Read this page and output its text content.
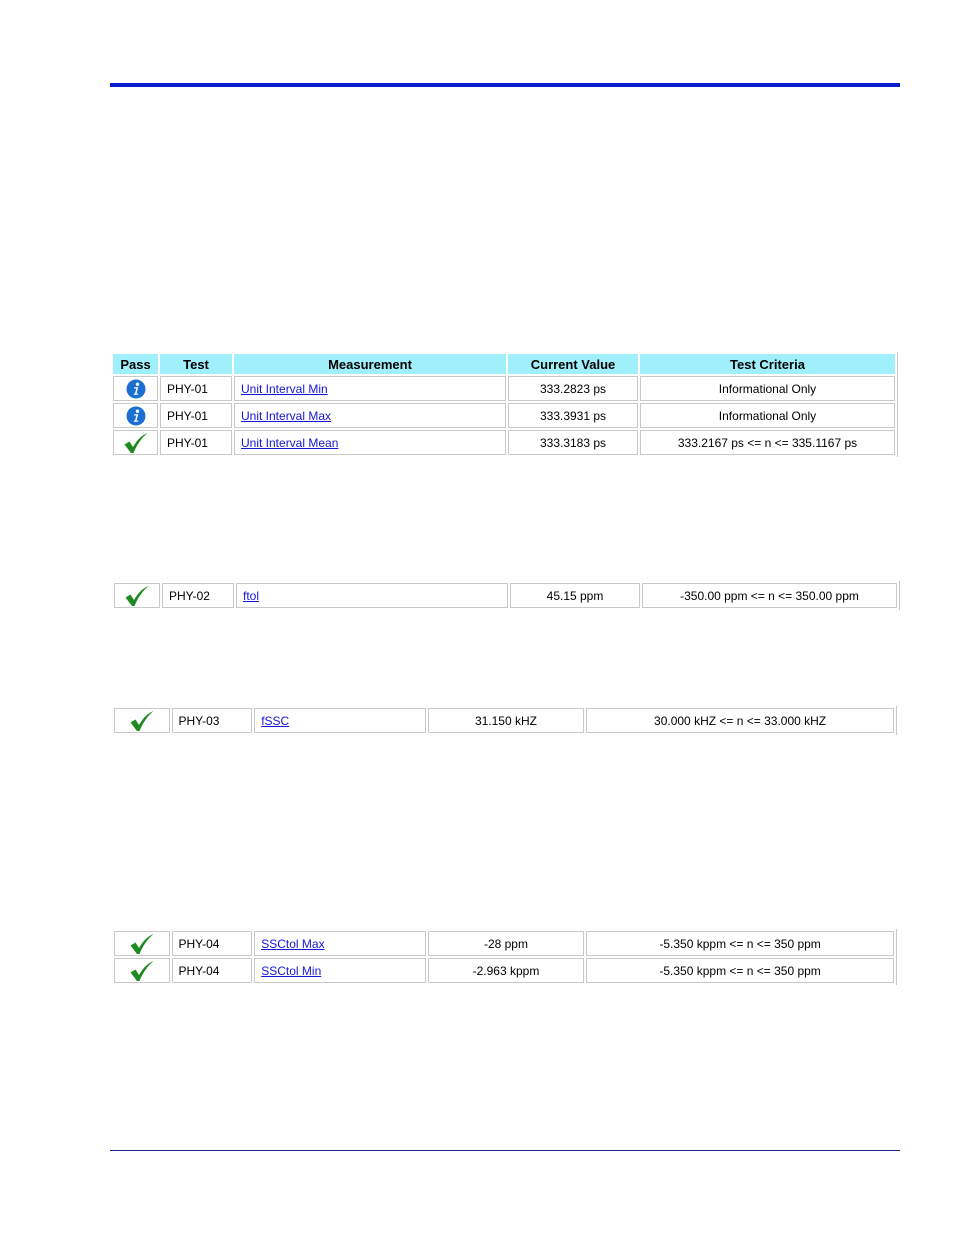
Pass	Test	Measurement	Current Value	Test Criteria
	PHY-01	Unit Interval Min	333.2823 ps	Informational Only
	PHY-01	Unit Interval Max	333.3931 ps	Informational Only
	PHY-01	Unit Interval Mean	333.3183 ps	333.2167 ps <= n <= 335.1167 ps
	PHY-02	ftol	45.15 ppm	-350.00 ppm <= n <= 350.00 ppm
	PHY-03	fSSC	31.150 kHZ	30.000 kHZ <= n <= 33.000 kHZ
	PHY-04	SSCtol Max	-28 ppm	-5.350 kppm <= n <= 350 ppm
	PHY-04	SSCtol Min	-2.963 kppm	-5.350 kppm <= n <= 350 ppm
